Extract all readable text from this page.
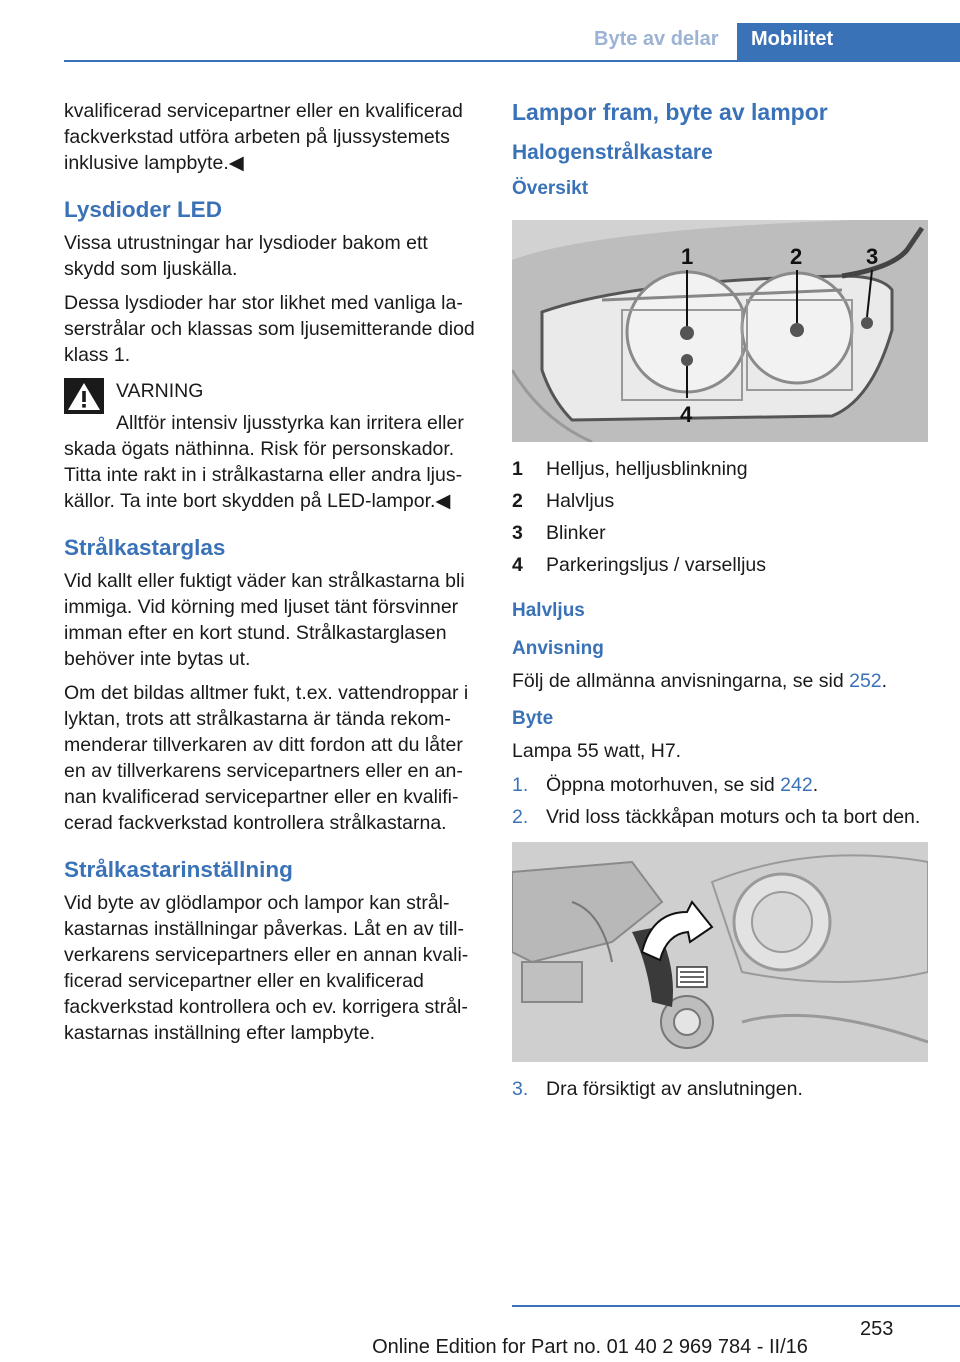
Byte av delar	Mobilitet

kvalificerad servicepartner eller en kvalificerad fackverkstad utföra arbeten på ljussystemets inklusive lampbyte.◀

Lysdioder LED

Vissa utrustningar har lysdioder bakom ett skydd som ljuskälla.

Dessa lysdioder har stor likhet med vanliga laserstrålar och klassas som ljusemitterande diod klass 1.

VARNING

Alltför intensiv ljusstyrka kan irritera eller skada ögats näthinna. Risk för personskador. Titta inte rakt in i strålkastarna eller andra ljuskällor. Ta inte bort skydden på LED-lampor.◀

Strålkastarglas

Vid kallt eller fuktigt väder kan strålkastarna bli immiga. Vid körning med ljuset tänt försvinner imman efter en kort stund. Strålkastarglasen behöver inte bytas ut.

Om det bildas alltmer fukt, t.ex. vattendroppar i lyktan, trots att strålkastarna är tända rekommenderar tillverkaren av ditt fordon att du låter en av tillverkarens servicepartners eller en annan kvalificerad servicepartner eller en kvalificerad fackverkstad kontrollera strålkastarna.

Strålkastarinställning

Vid byte av glödlampor och lampor kan strålkastarnas inställningar påverkas. Låt en av tillverkarens servicepartners eller en annan kvalificerad servicepartner eller en kvalificerad fackverkstad kontrollera och ev. korrigera strålkastarnas inställning efter lampbyte.

Lampor fram, byte av lampor
Halogenstrålkastare
Översikt
1	2	3
4
1	Helljus, helljusblinkning
2	Halvljus
3	Blinker
4	Parkeringsljus / varselljus
Halvljus
Anvisning

Följ de allmänna anvisningarna, se sid 252.

Byte

Lampa 55 watt, H7.

1. Öppna motorhuven, se sid 242.
2. Vrid loss täckkåpan moturs och ta bort den.
3. Dra försiktigt av anslutningen.
253
Online Edition for Part no. 01 40 2 969 784 - II/16
